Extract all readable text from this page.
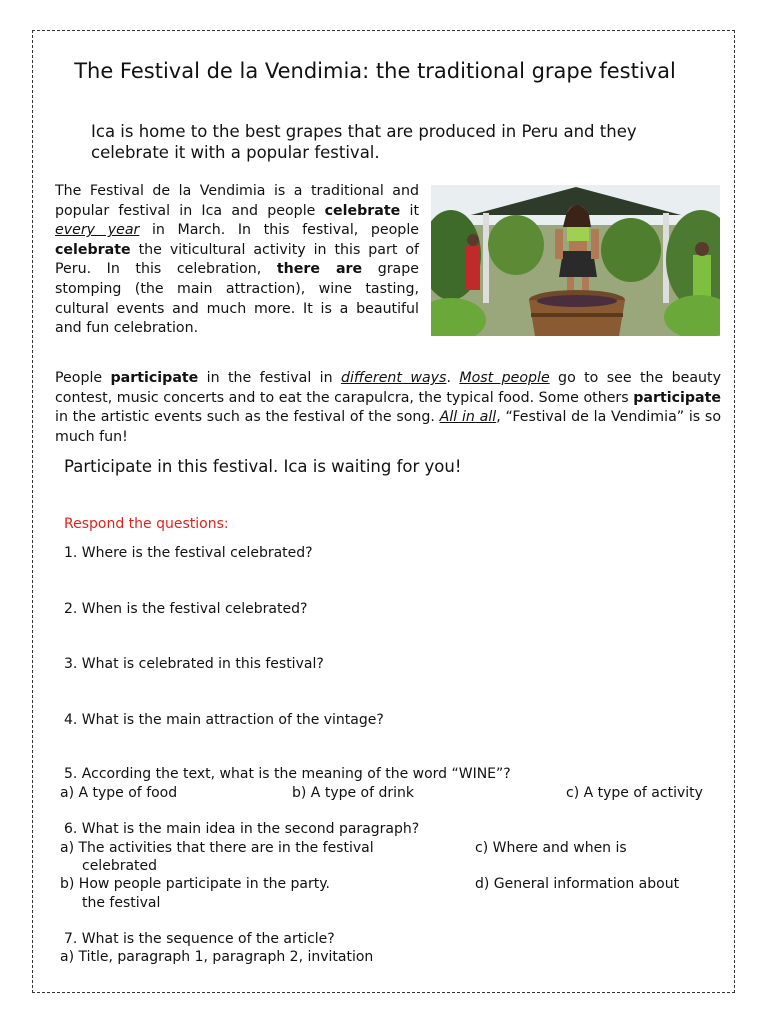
The Festival de la Vendimia: the traditional grape festival

Ica is home to the best grapes that are produced in Peru and they celebrate it with a popular festival.

The Festival de la Vendimia is a traditional and popular festival in Ica and people celebrate it every year in March. In this festival, people celebrate the viticultural activity in this part of Peru. In this celebration, there are grape stomping (the main attraction), wine tasting, cultural events and much more. It is a beautiful and fun celebration.

People participate in the festival in different ways. Most people go to see the beauty contest, music concerts and to eat the carapulcra, the typical food. Some others participate in the artistic events such as the festival of the song. All in all, “Festival de la Vendimia” is so much fun!

Participate in this festival. Ica is waiting for you!

Respond the questions:

1. Where is the festival celebrated?

2. When is the festival celebrated?

3. What is celebrated in this festival?

4. What is the main attraction of the vintage?

5. According the text, what is the meaning of the word “WINE”?

a) A type of food	b) A type of drink	c) A type of activity

6. What is the main idea in the second paragraph?

a) The activities that there are in the festival

celebrated

c) Where and when is

b) How people participate in the party.

the festival

d) General information about

7. What is the sequence of the article?

a) Title, paragraph 1, paragraph 2, invitation
